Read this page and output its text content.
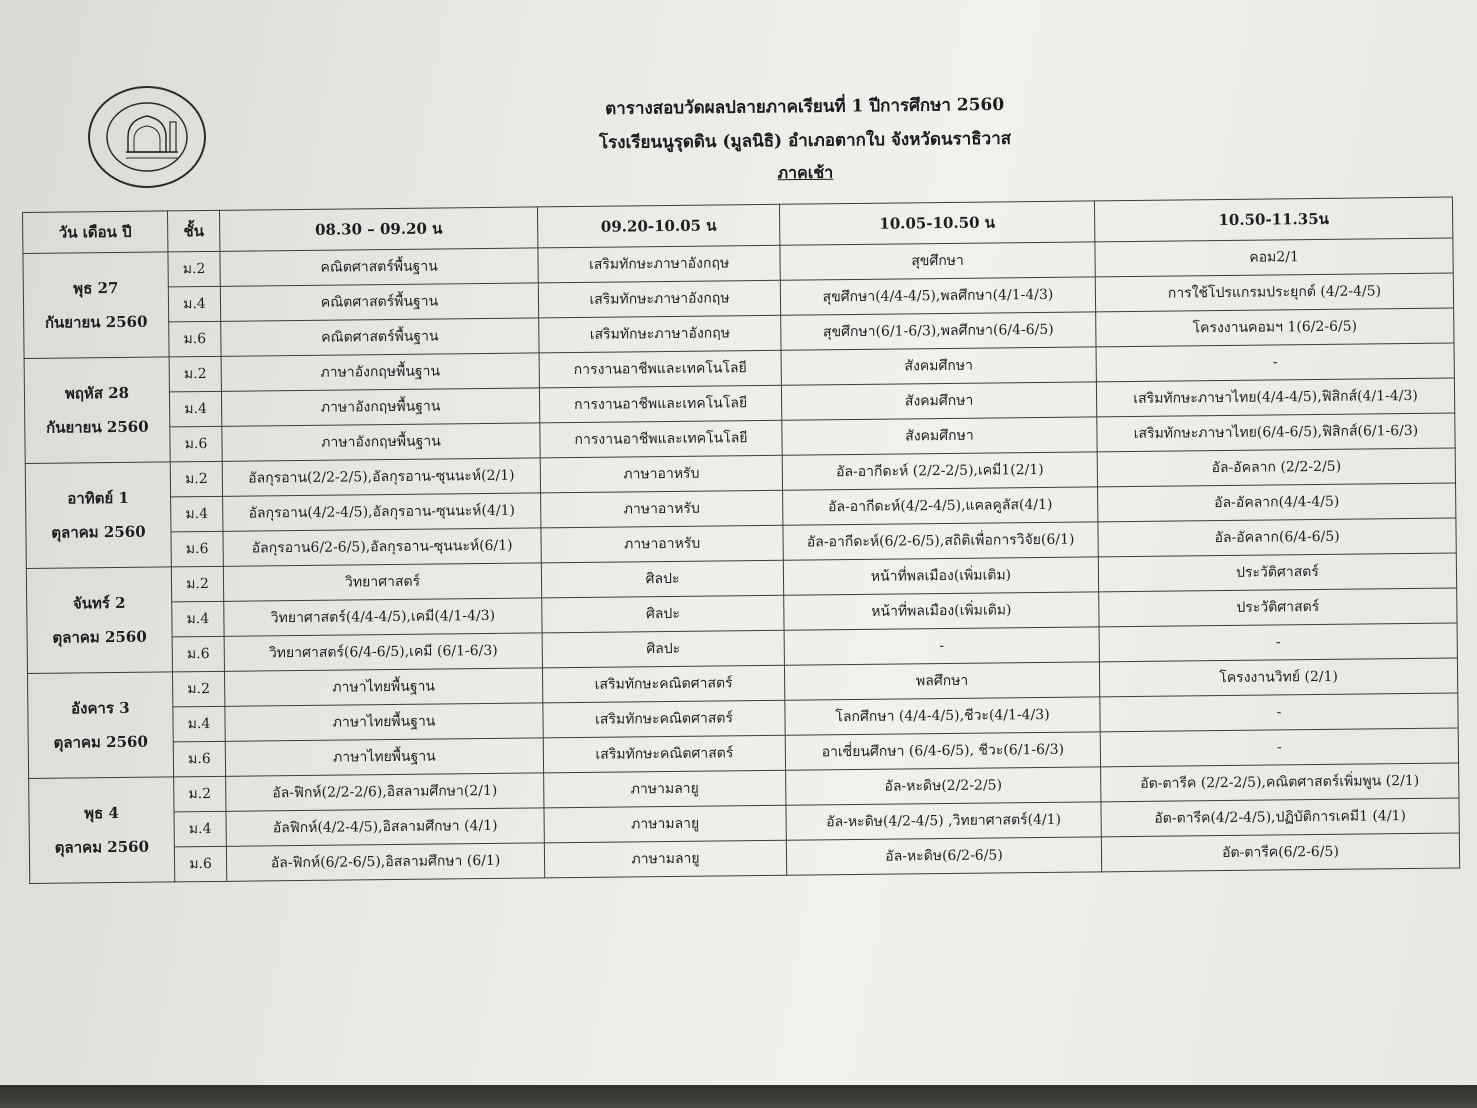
ตารางสอบวัดผลปลายภาคเรียนที่ 1 ปีการศึกษา 2560
โรงเรียนนูรุดดิน (มูลนิธิ) อำเภอตากใบ จังหวัดนราธิวาส
ภาคเช้า
วัน เดือน ปี	ชั้น	08.30 – 09.20 น	09.20-10.05 น	10.05-10.50 น	10.50-11.35น

พุธ 27
กันยายน 2560	ม.2	คณิตศาสตร์พื้นฐาน	เสริมทักษะภาษาอังกฤษ	สุขศึกษา	คอม2/1
	ม.4	คณิตศาสตร์พื้นฐาน	เสริมทักษะภาษาอังกฤษ	สุขศึกษา(4/4-4/5),พลศึกษา(4/1-4/3)	การใช้โปรแกรมประยุกต์ (4/2-4/5)
	ม.6	คณิตศาสตร์พื้นฐาน	เสริมทักษะภาษาอังกฤษ	สุขศึกษา(6/1-6/3),พลศึกษา(6/4-6/5)	โครงงานคอมฯ 1(6/2-6/5)

พฤหัส 28
กันยายน 2560	ม.2	ภาษาอังกฤษพื้นฐาน	การงานอาชีพและเทคโนโลยี	สังคมศึกษา	-
	ม.4	ภาษาอังกฤษพื้นฐาน	การงานอาชีพและเทคโนโลยี	สังคมศึกษา	เสริมทักษะภาษาไทย(4/4-4/5),ฟิสิกส์(4/1-4/3)
	ม.6	ภาษาอังกฤษพื้นฐาน	การงานอาชีพและเทคโนโลยี	สังคมศึกษา	เสริมทักษะภาษาไทย(6/4-6/5),ฟิสิกส์(6/1-6/3)

อาทิตย์ 1
ตุลาคม 2560	ม.2	อัลกุรอาน(2/2-2/5),อัลกุรอาน-ซุนนะห์(2/1)	ภาษาอาหรับ	อัล-อากีดะห์ (2/2-2/5),เคมี1(2/1)	อัล-อัคลาก (2/2-2/5)
	ม.4	อัลกุรอาน(4/2-4/5),อัลกุรอาน-ซุนนะห์(4/1)	ภาษาอาหรับ	อัล-อากีดะห์(4/2-4/5),แคลคูลัส(4/1)	อัล-อัคลาก(4/4-4/5)
	ม.6	อัลกุรอาน6/2-6/5),อัลกุรอาน-ซุนนะห์(6/1)	ภาษาอาหรับ	อัล-อากีดะห์(6/2-6/5),สถิติเพื่อการวิจัย(6/1)	อัล-อัคลาก(6/4-6/5)

จันทร์ 2
ตุลาคม 2560	ม.2	วิทยาศาสตร์	ศิลปะ	หน้าที่พลเมือง(เพิ่มเติม)	ประวัติศาสตร์
	ม.4	วิทยาศาสตร์(4/4-4/5),เคมี(4/1-4/3)	ศิลปะ	หน้าที่พลเมือง(เพิ่มเติม)	ประวัติศาสตร์
	ม.6	วิทยาศาสตร์(6/4-6/5),เคมี (6/1-6/3)	ศิลปะ	-	-

อังคาร 3
ตุลาคม 2560	ม.2	ภาษาไทยพื้นฐาน	เสริมทักษะคณิตศาสตร์	พลศึกษา	โครงงานวิทย์ (2/1)
	ม.4	ภาษาไทยพื้นฐาน	เสริมทักษะคณิตศาสตร์	โลกศึกษา (4/4-4/5),ชีวะ(4/1-4/3)	-
	ม.6	ภาษาไทยพื้นฐาน	เสริมทักษะคณิตศาสตร์	อาเซี่ยนศึกษา (6/4-6/5), ชีวะ(6/1-6/3)	-

พุธ 4
ตุลาคม 2560	ม.2	อัล-ฟิกห์(2/2-2/6),อิสลามศึกษา(2/1)	ภาษามลายู	อัล-หะดิษ(2/2-2/5)	อัต-ตารีค (2/2-2/5),คณิตศาสตร์เพิ่มพูน (2/1)
	ม.4	อัลฟิกห์(4/2-4/5),อิสลามศึกษา (4/1)	ภาษามลายู	อัล-หะดิษ(4/2-4/5) ,วิทยาศาสตร์(4/1)	อัต-ตารีค(4/2-4/5),ปฏิบัติการเคมี1 (4/1)
	ม.6	อัล-ฟิกห์(6/2-6/5),อิสลามศึกษา (6/1)	ภาษามลายู	อัล-หะดิษ(6/2-6/5)	อัต-ตารีค(6/2-6/5)
